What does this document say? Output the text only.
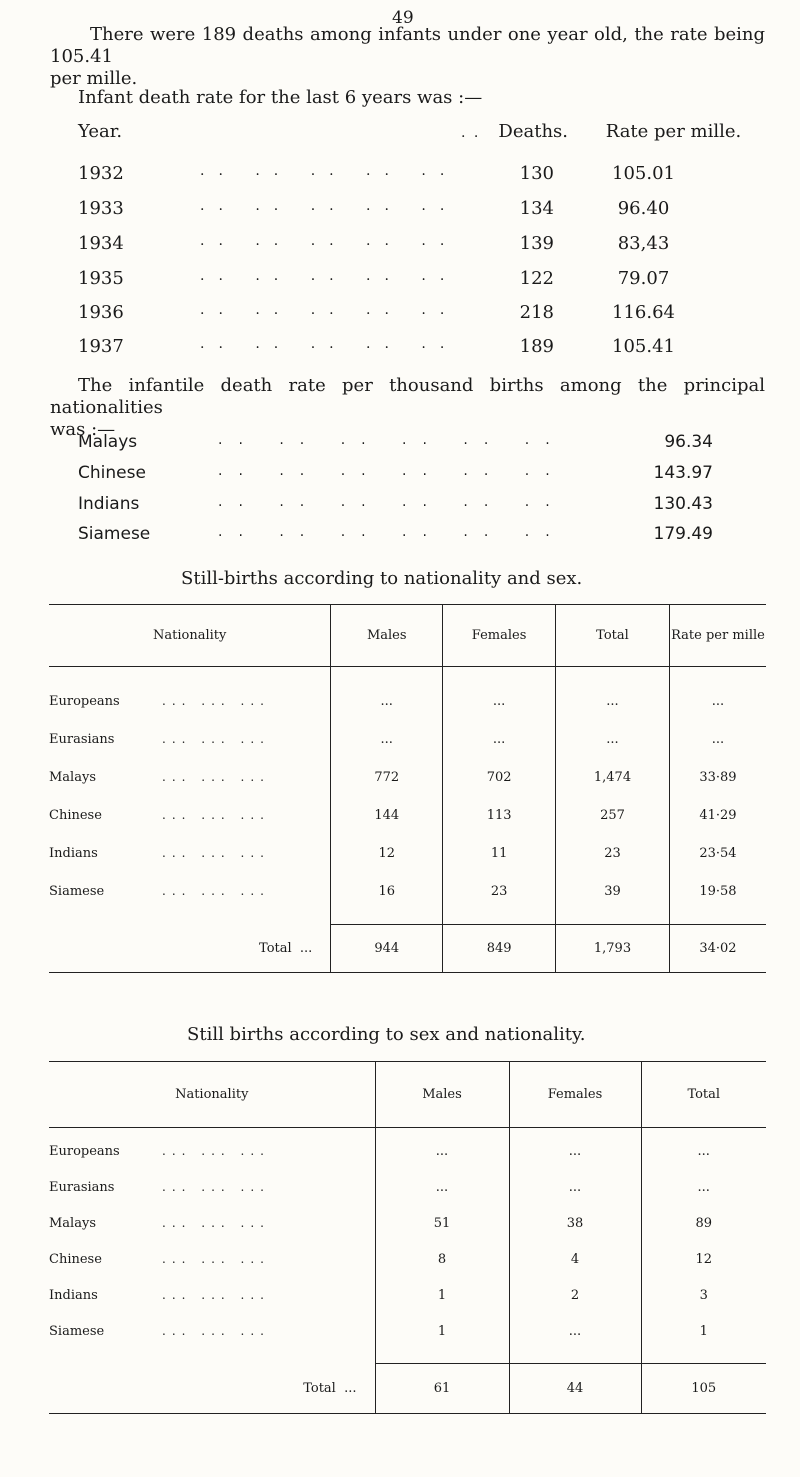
49
There were 189 deaths among infants under one year old, the rate being 105.41
per mille.
Infant death rate for the last 6 years was :—
Year.	. . Deaths.	Rate per mille.
1932	.. .. .. .. ..	130	105.01
1933	.. .. .. .. ..	134	96.40
1934	.. .. .. .. ..	139	83,43
1935	.. .. .. .. ..	122	79.07
1936	.. .. .. .. ..	218	116.64
1937	.. .. .. .. ..	189	105.41
The infantile death rate per thousand births among the principal nationalities
was :—
Malays	.. .. .. .. .. ..	96.34
Chinese	.. .. .. .. .. ..	143.97
Indians	.. .. .. .. .. ..	130.43
Siamese	.. .. .. .. .. ..	179.49
Still-births according to nationality and sex.
Nationality	Males	Females	Total	Rate per mille

Europeans ... ... ...	...	...	...	...
Eurasians ... ... ...	...	...	...	...
Malays ... ... ...	772	702	1,474	33·89
Chinese ... ... ...	144	113	257	41·29
Indians ... ... ...	12	11	23	23·54
Siamese ... ... ...	16	23	39	19·58

Total  ...	944	849	1,793	34·02
Still births according to sex and nationality.
Nationality	Males	Females	Total

Europeans ... ... ...	...	...	...
Eurasians ... ... ...	...	...	...
Malays ... ... ...	51	38	89
Chinese ... ... ...	8	4	12
Indians ... ... ...	1	2	3
Siamese ... ... ...	1	...	1

Total  ...	61	44	105
